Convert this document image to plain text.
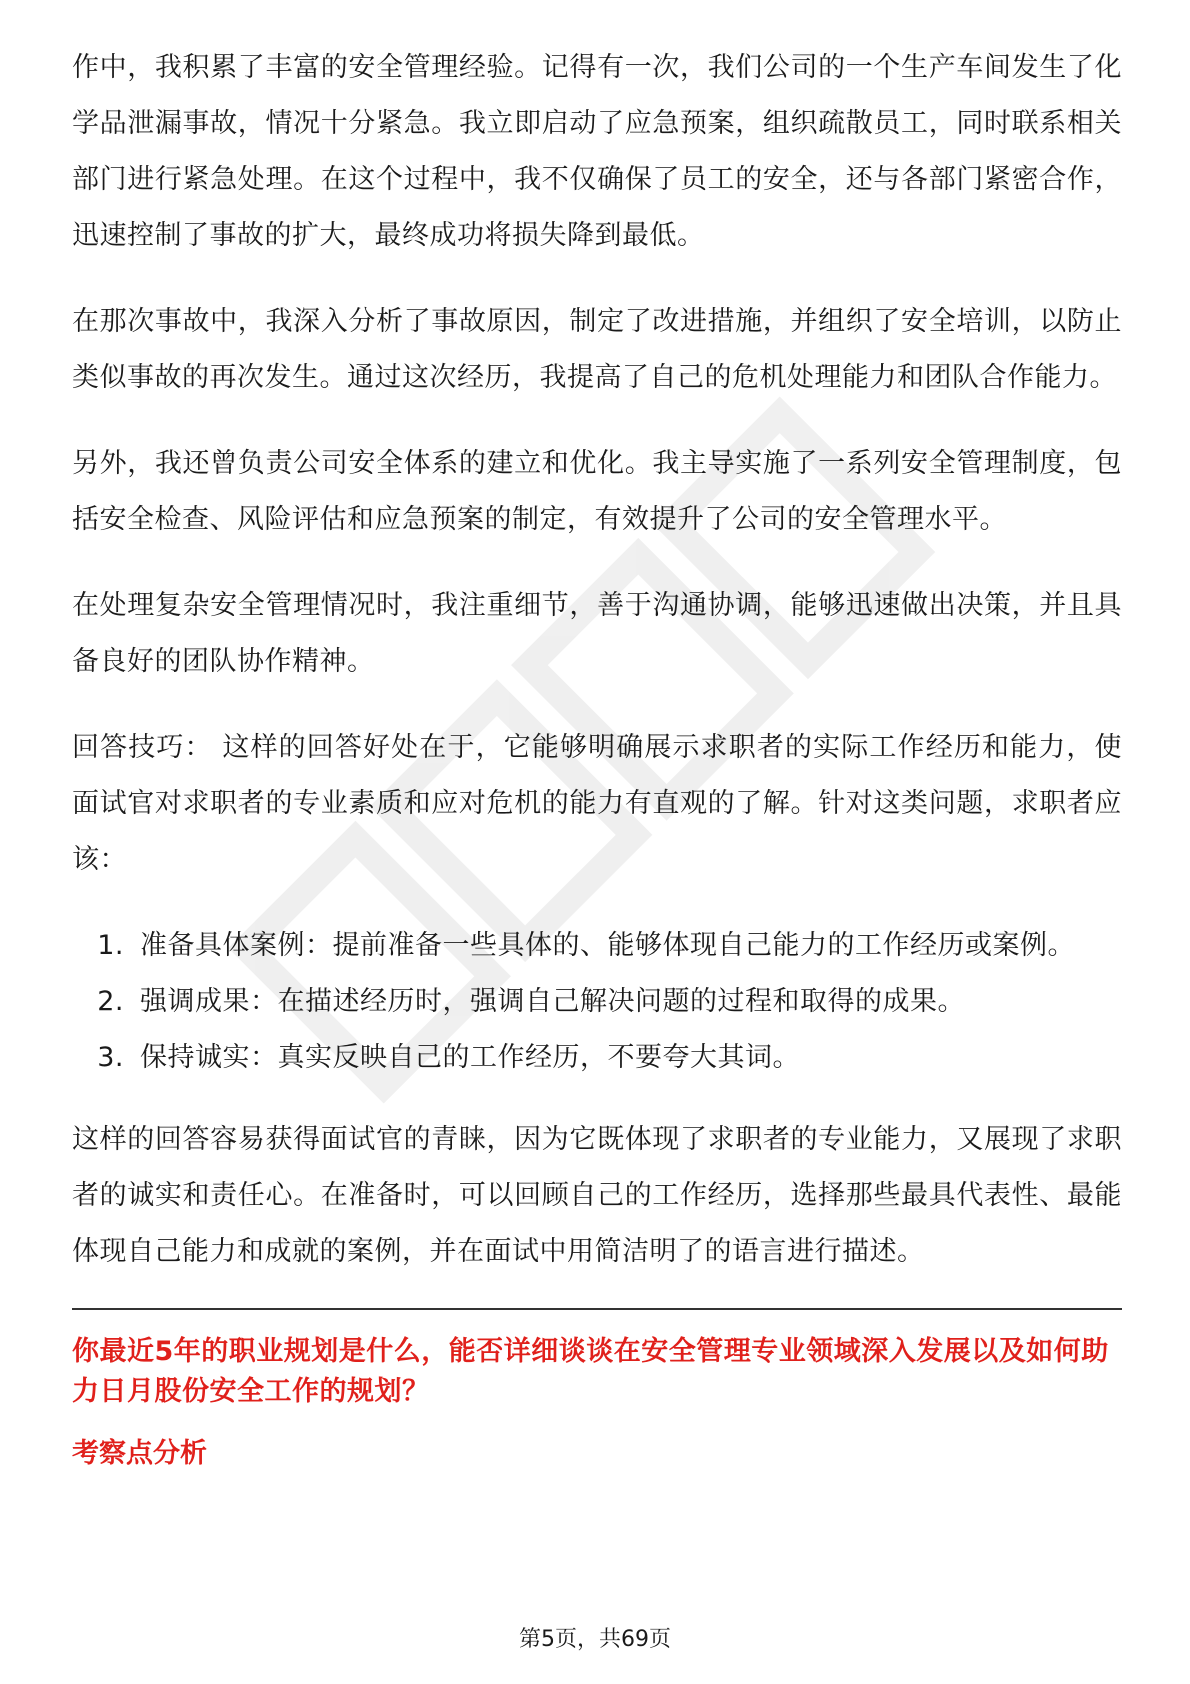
作中，我积累了丰富的安全管理经验。记得有一次，我们公司的一个生产车间发生了化学品泄漏事故，情况十分紧急。我立即启动了应急预案，组织疏散员工，同时联系相关部门进行紧急处理。在这个过程中，我不仅确保了员工的安全，还与各部门紧密合作，迅速控制了事故的扩大，最终成功将损失降到最低。

在那次事故中，我深入分析了事故原因，制定了改进措施，并组织了安全培训，以防止类似事故的再次发生。通过这次经历，我提高了自己的危机处理能力和团队合作能力。

另外，我还曾负责公司安全体系的建立和优化。我主导实施了一系列安全管理制度，包括安全检查、风险评估和应急预案的制定，有效提升了公司的安全管理水平。

在处理复杂安全管理情况时，我注重细节，善于沟通协调，能够迅速做出决策，并且具备良好的团队协作精神。

回答技巧： 这样的回答好处在于，它能够明确展示求职者的实际工作经历和能力，使面试官对求职者的专业素质和应对危机的能力有直观的了解。针对这类问题，求职者应该：

1. 准备具体案例：提前准备一些具体的、能够体现自己能力的工作经历或案例。
2. 强调成果：在描述经历时，强调自己解决问题的过程和取得的成果。
3. 保持诚实：真实反映自己的工作经历，不要夸大其词。

这样的回答容易获得面试官的青睐，因为它既体现了求职者的专业能力，又展现了求职者的诚实和责任心。在准备时，可以回顾自己的工作经历，选择那些最具代表性、最能体现自己能力和成就的案例，并在面试中用简洁明了的语言进行描述。

你最近5年的职业规划是什么，能否详细谈谈在安全管理专业领域深入发展以及如何助力日月股份安全工作的规划？

考察点分析

第5页，共69页
